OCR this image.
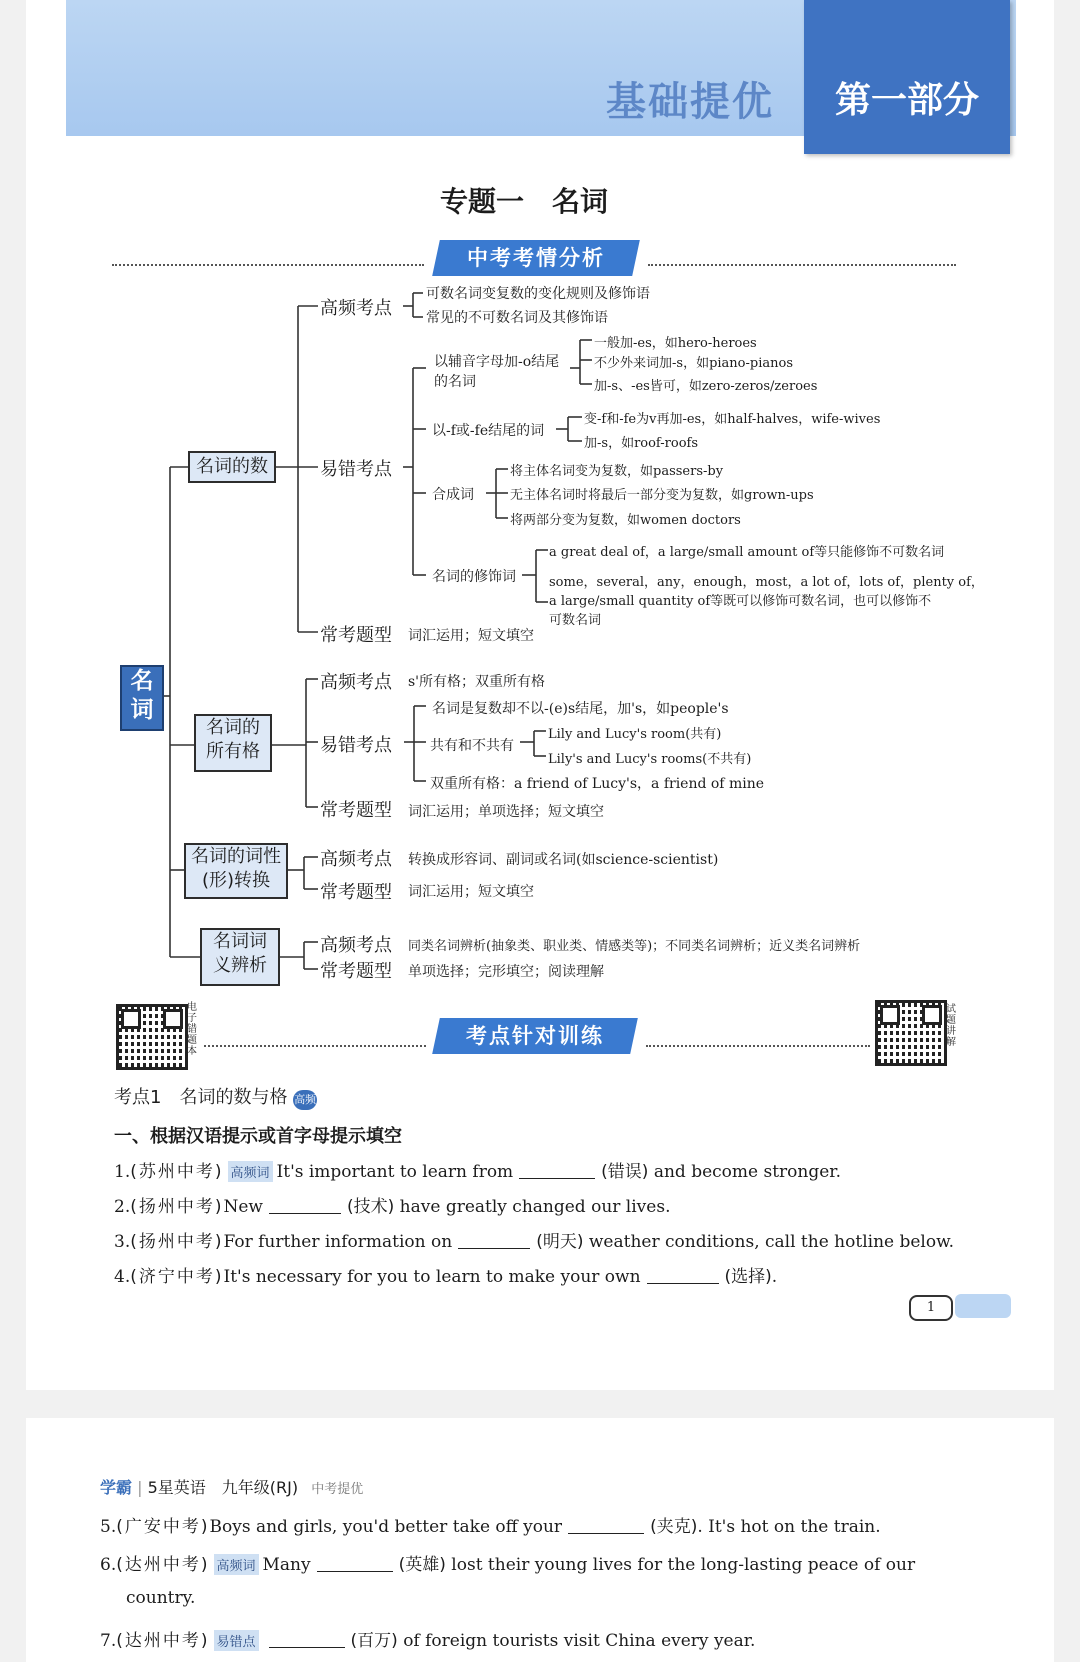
基础提优	第一部分
专题一　名词
中考考情分析
名词
名词的数
高频考点
可数名词变复数的变化规则及修饰语
常见的不可数名词及其修饰语
易错考点
以辅音字母加-o结尾
的名词
一般加-es，如hero-heroes
不少外来词加-s，如piano-pianos
加-s、-es皆可，如zero-zeros/zeroes
以-f或-fe结尾的词
变-f和-fe为v再加-es，如half-halves，wife-wives
加-s，如roof-roofs
合成词
将主体名词变为复数，如passers-by
无主体名词时将最后一部分变为复数，如grown-ups
将两部分变为复数，如women doctors
名词的修饰词
a great deal of，a large/small amount of等只能修饰不可数名词
some，several，any，enough，most，a lot of，lots of，plenty of，
a large/small quantity of等既可以修饰可数名词，也可以修饰不
可数名词
常考题型 词汇运用；短文填空
名词的
所有格
高频考点 s'所有格；双重所有格
易错考点
名词是复数却不以-(e)s结尾，加's，如people's
共有和不共有
Lily and Lucy's room(共有)
Lily's and Lucy's rooms(不共有)
双重所有格：a friend of Lucy's，a friend of mine
常考题型 词汇运用；单项选择；短文填空
名词的词性
(形)转换
高频考点 转换成形容词、副词或名词(如science-scientist)
常考题型 词汇运用；短文填空
名词词
义辨析
高频考点 同类名词辨析(抽象类、职业类、情感类等)；不同类名词辨析；近义类名词辨析
常考题型 单项选择；完形填空；阅读理解
电子错题本
考点针对训练
试题讲解
考点1　名词的数与格 高频
一、根据汉语提示或首字母提示填空
1.(苏州中考) 高频词 It's important to learn from	(错误) and become stronger.
2.(扬州中考)New	(技术) have greatly changed our lives.
3.(扬州中考)For further information on	(明天) weather conditions, call the hotline below.
4.(济宁中考)It's necessary for you to learn to make your own	(选择).
1
学霸 | 5星英语　九年级(RJ) 中考提优
5.(广安中考)Boys and girls, you'd better take off your	(夹克). It's hot on the train.
6.(达州中考) 高频词 Many	(英雄) lost their young lives for the long-lasting peace of our
country.
7.(达州中考) 易错点	(百万) of foreign tourists visit China every year.
